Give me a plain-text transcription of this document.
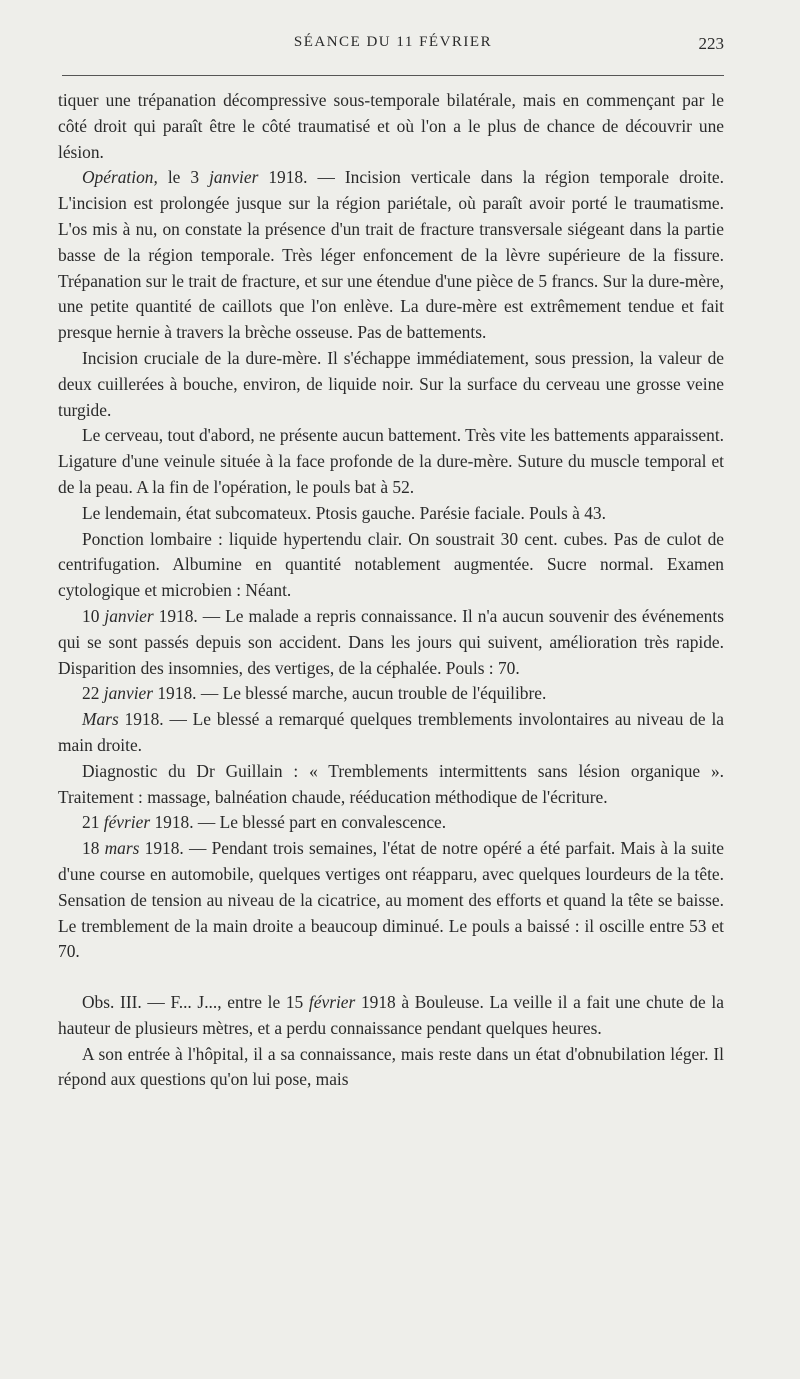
SÉANCE DU 11 FÉVRIER	223

tiquer une trépanation décompressive sous-temporale bilatérale, mais en commençant par le côté droit qui paraît être le côté traumatisé et où l'on a le plus de chance de découvrir une lésion.

Opération, le 3 janvier 1918. — Incision verticale dans la région temporale droite. L'incision est prolongée jusque sur la région pariétale, où paraît avoir porté le traumatisme. L'os mis à nu, on constate la présence d'un trait de fracture transversale siégeant dans la partie basse de la région temporale. Très léger enfoncement de la lèvre supérieure de la fissure. Trépanation sur le trait de fracture, et sur une étendue d'une pièce de 5 francs. Sur la dure-mère, une petite quantité de caillots que l'on enlève. La dure-mère est extrêmement tendue et fait presque hernie à travers la brèche osseuse. Pas de battements.

Incision cruciale de la dure-mère. Il s'échappe immédiatement, sous pression, la valeur de deux cuillerées à bouche, environ, de liquide noir. Sur la surface du cerveau une grosse veine turgide.

Le cerveau, tout d'abord, ne présente aucun battement. Très vite les battements apparaissent. Ligature d'une veinule située à la face profonde de la dure-mère. Suture du muscle temporal et de la peau. A la fin de l'opération, le pouls bat à 52.

Le lendemain, état subcomateux. Ptosis gauche. Parésie faciale. Pouls à 43.

Ponction lombaire : liquide hypertendu clair. On soustrait 30 cent. cubes. Pas de culot de centrifugation. Albumine en quantité notablement augmentée. Sucre normal. Examen cytologique et microbien : Néant.

10 janvier 1918. — Le malade a repris connaissance. Il n'a aucun souvenir des événements qui se sont passés depuis son accident. Dans les jours qui suivent, amélioration très rapide. Disparition des insomnies, des vertiges, de la céphalée. Pouls : 70.

22 janvier 1918. — Le blessé marche, aucun trouble de l'équilibre.

Mars 1918. — Le blessé a remarqué quelques tremblements involontaires au niveau de la main droite.

Diagnostic du Dr Guillain : « Tremblements intermittents sans lésion organique ». Traitement : massage, balnéation chaude, rééducation méthodique de l'écriture.

21 février 1918. — Le blessé part en convalescence.

18 mars 1918. — Pendant trois semaines, l'état de notre opéré a été parfait. Mais à la suite d'une course en automobile, quelques vertiges ont réapparu, avec quelques lourdeurs de la tête. Sensation de tension au niveau de la cicatrice, au moment des efforts et quand la tête se baisse. Le tremblement de la main droite a beaucoup diminué. Le pouls a baissé : il oscille entre 53 et 70.

Obs. III. — F... J..., entre le 15 février 1918 à Bouleuse. La veille il a fait une chute de la hauteur de plusieurs mètres, et a perdu connaissance pendant quelques heures.

A son entrée à l'hôpital, il a sa connaissance, mais reste dans un état d'obnubilation léger. Il répond aux questions qu'on lui pose, mais
